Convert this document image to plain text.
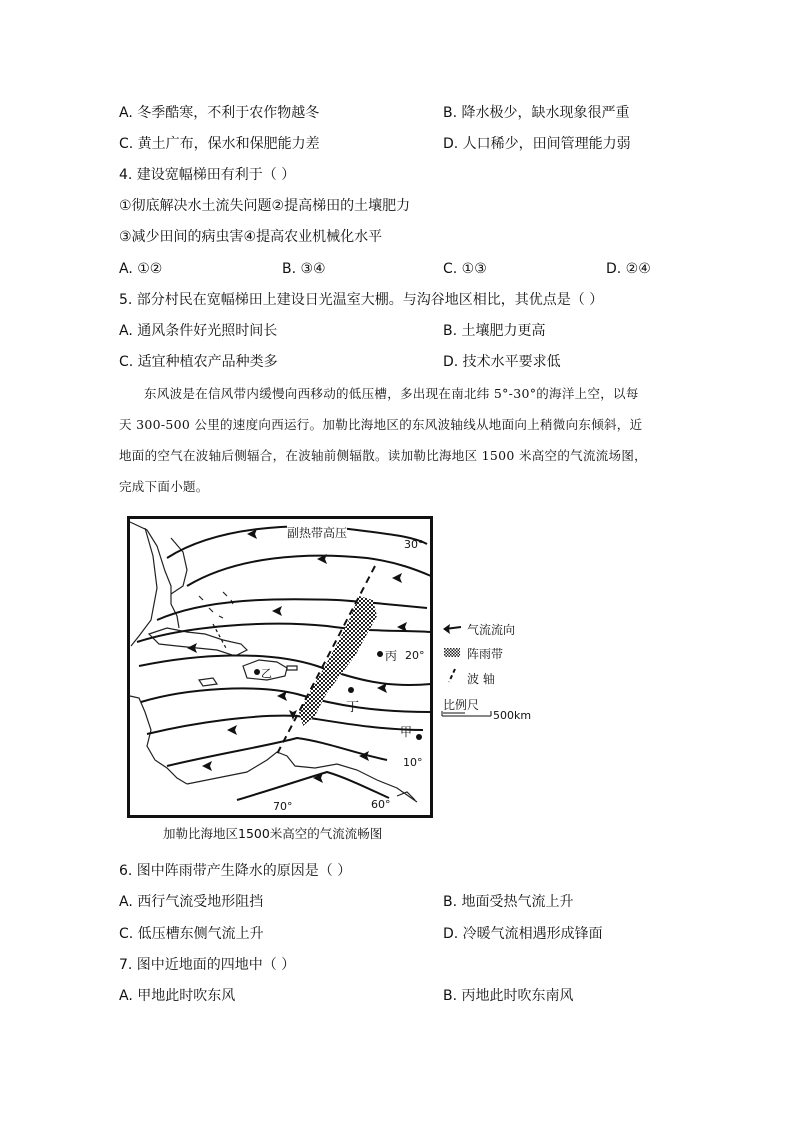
A. 冬季酷寒，不利于农作物越冬	B. 降水极少，缺水现象很严重
C. 黄土广布，保水和保肥能力差	D. 人口稀少，田间管理能力弱
4. 建设宽幅梯田有利于（ ）
①彻底解决水土流失问题②提高梯田的土壤肥力
③减少田间的病虫害④提高农业机械化水平
A. ①②	B. ③④	C. ①③	D. ②④
5. 部分村民在宽幅梯田上建设日光温室大棚。与沟谷地区相比，其优点是（ ）
A. 通风条件好光照时间长	B. 土壤肥力更高
C. 适宜种植农产品种类多	D. 技术水平要求低
东风波是在信风带内缓慢向西移动的低压槽，多出现在南北纬 5°-30°的海洋上空，以每
天 300-500 公里的速度向西运行。加勒比海地区的东风波轴线从地面向上稍微向东倾斜，近
地面的空气在波轴后侧辐合，在波轴前侧辐散。读加勒比海地区 1500 米高空的气流流场图，
完成下面小题。
副热带高压
30°
20°
10°
70°	60°
丙
丁
甲
乙
气流流向
阵雨带
波 轴
比例尺
500km
加勒比海地区1500米高空的气流流畅图
6. 图中阵雨带产生降水的原因是（ ）
A. 西行气流受地形阻挡	B. 地面受热气流上升
C. 低压槽东侧气流上升	D. 冷暖气流相遇形成锋面
7. 图中近地面的四地中（ ）
A. 甲地此时吹东风	B. 丙地此时吹东南风
